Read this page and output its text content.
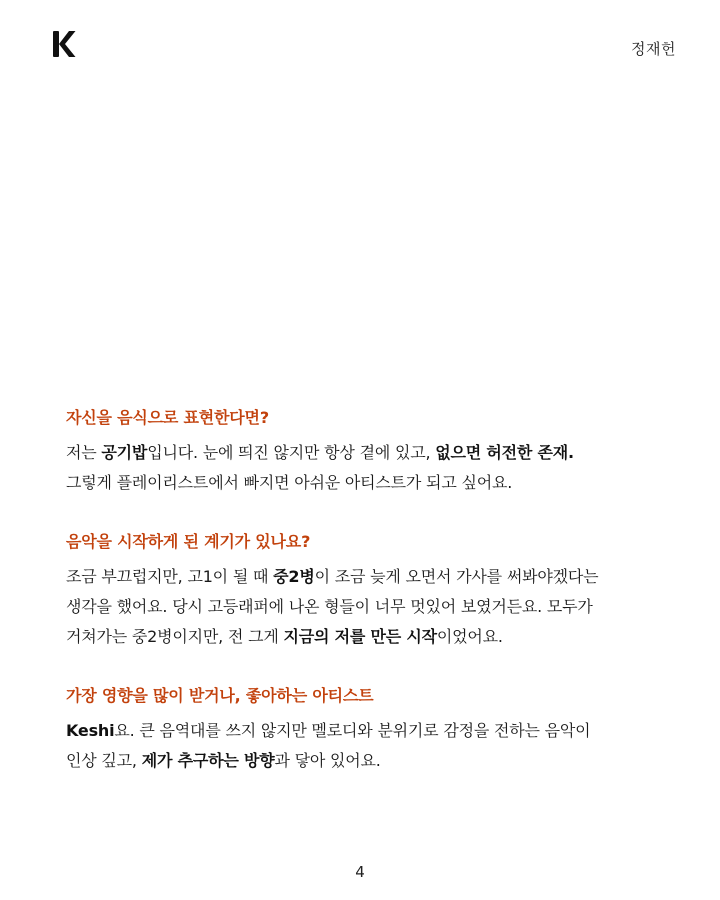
정재헌
자신을 음식으로 표현한다면?

저는 공기밥입니다. 눈에 띄진 않지만 항상 곁에 있고, 없으면 허전한 존재.
그렇게 플레이리스트에서 빠지면 아쉬운 아티스트가 되고 싶어요.

음악을 시작하게 된 계기가 있나요?

조금 부끄럽지만, 고1이 될 때 중2병이 조금 늦게 오면서 가사를 써봐야겠다는
생각을 했어요. 당시 고등래퍼에 나온 형들이 너무 멋있어 보였거든요. 모두가
거쳐가는 중2병이지만, 전 그게 지금의 저를 만든 시작이었어요.

가장 영향을 많이 받거나, 좋아하는 아티스트

Keshi요. 큰 음역대를 쓰지 않지만 멜로디와 분위기로 감정을 전하는 음악이
인상 깊고, 제가 추구하는 방향과 닿아 있어요.

4
